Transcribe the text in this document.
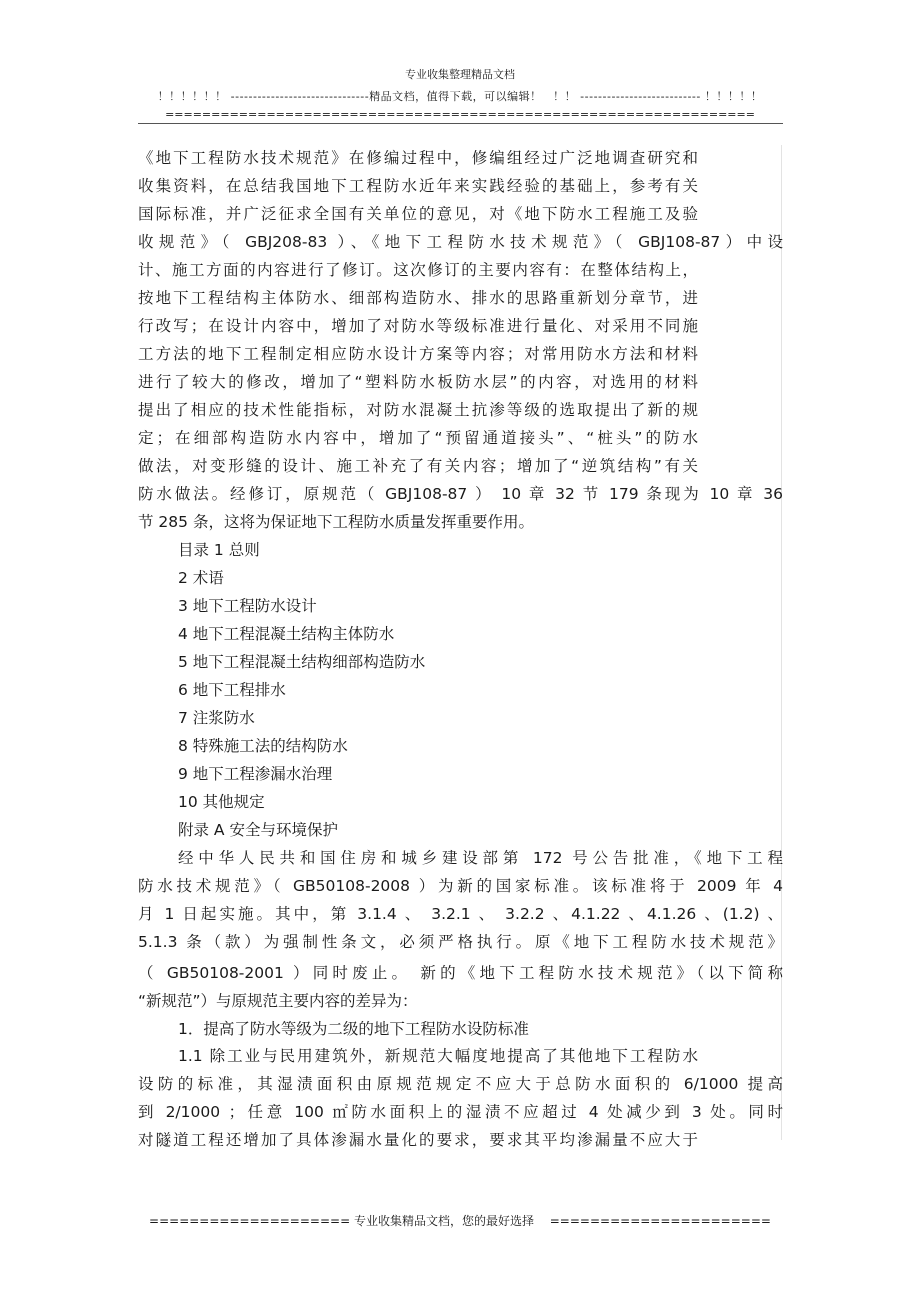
专业收集整理精品文档
！！！！！！ -------------------------------精品文档，值得下载，可以编辑！　！！ --------------------------- ！！！！！
================================================================
《地下工程防水技术规范》在修编过程中，修编组经过广泛地调查研究和
收集资料，在总结我国地下工程防水近年来实践经验的基础上，参考有关
国际标准，并广泛征求全国有关单位的意见，对《地下防水工程施工及验
收规范》（ GBJ208-83 ）、《地下工程防水技术规范》（ GBJ108-87）中设
计、施工方面的内容进行了修订。这次修订的主要内容有：在整体结构上，
按地下工程结构主体防水、细部构造防水、排水的思路重新划分章节，进
行改写；在设计内容中，增加了对防水等级标准进行量化、对采用不同施
工方法的地下工程制定相应防水设计方案等内容；对常用防水方法和材料
进行了较大的修改，增加了“塑料防水板防水层”的内容，对选用的材料
提出了相应的技术性能指标，对防水混凝土抗渗等级的选取提出了新的规
定；在细部构造防水内容中，增加了“预留通道接头”、“桩头”的防水
做法，对变形缝的设计、施工补充了有关内容；增加了“逆筑结构”有关
防水做法。经修订，原规范（ GBJ108-87 ） 10 章 32 节 179 条现为 10 章 36
节 285 条，这将为保证地下工程防水质量发挥重要作用。
目录 1 总则
2 术语
3 地下工程防水设计
4 地下工程混凝土结构主体防水
5 地下工程混凝土结构细部构造防水
6 地下工程排水
7 注浆防水
8 特殊施工法的结构防水
9 地下工程渗漏水治理
10 其他规定
附录 A 安全与环境保护
经中华人民共和国住房和城乡建设部第 172 号公告批准，《地下工程
防水技术规范》（ GB50108-2008 ）为新的国家标准。该标准将于 2009 年 4
月 1 日起实施。其中，第 3.1.4 、 3.2.1 、 3.2.2 、4.1.22 、4.1.26 、(1.2) 、
5.1.3 条（款）为强制性条文，必须严格执行。原《地下工程防水技术规范》
（ GB50108-2001 ）同时废止。 新的《地下工程防水技术规范》（以下简称
“新规范”）与原规范主要内容的差异为：
1．提高了防水等级为二级的地下工程防水设防标准
1.1 除工业与民用建筑外，新规范大幅度地提高了其他地下工程防水
设防的标准，其湿渍面积由原规范规定不应大于总防水面积的 6/1000 提高
到 2/1000 ；任意 100 ㎡防水面积上的湿渍不应超过 4 处减少到 3 处。同时
对隧道工程还增加了具体渗漏水量化的要求，要求其平均渗漏量不应大于
==================== 专业收集精品文档，您的最好选择　 ======================
